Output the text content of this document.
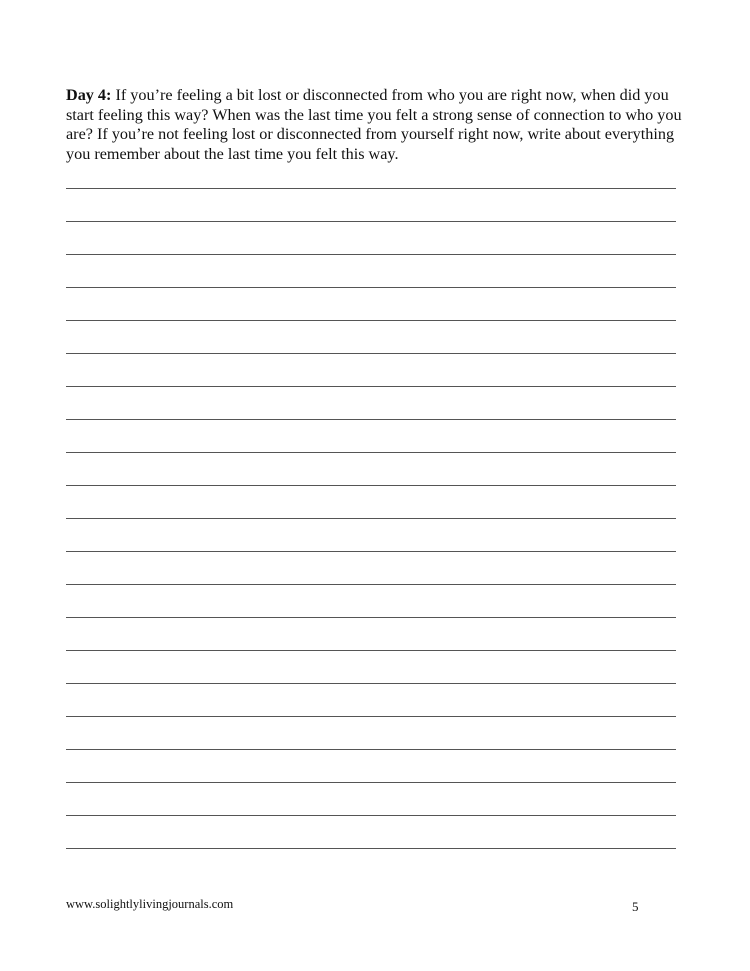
Day 4: If you’re feeling a bit lost or disconnected from who you are right now, when did you
start feeling this way? When was the last time you felt a strong sense of connection to who you
are? If you’re not feeling lost or disconnected from yourself right now, write about everything
you remember about the last time you felt this way.
www.solightlylivingjournals.com	5
